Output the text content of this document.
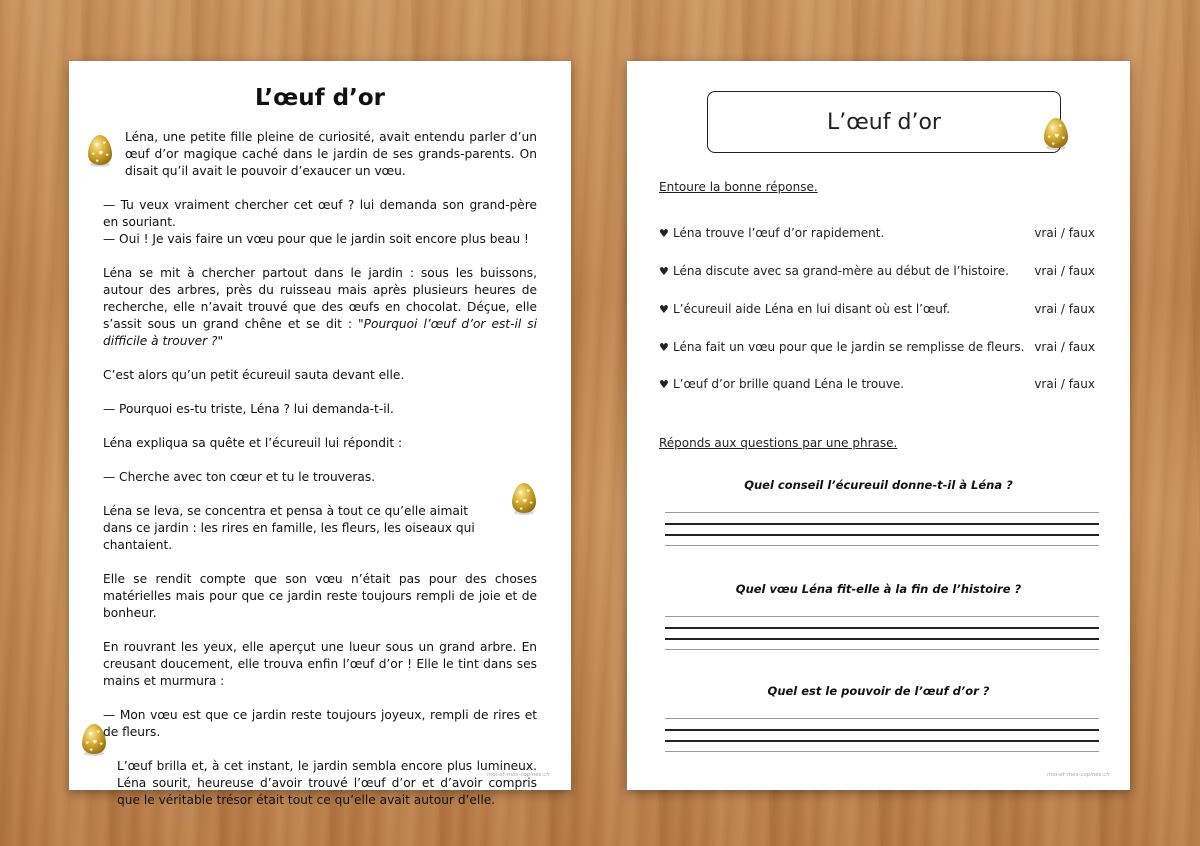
L’œuf d’or

Léna, une petite fille pleine de curiosité, avait entendu parler d’un œuf d’or magique caché dans le jardin de ses grands-parents. On disait qu’il avait le pouvoir d’exaucer un vœu.

— Tu veux vraiment chercher cet œuf ? lui demanda son grand-père en souriant.

— Oui ! Je vais faire un vœu pour que le jardin soit encore plus beau !

Léna se mit à chercher partout dans le jardin : sous les buissons, autour des arbres, près du ruisseau mais après plusieurs heures de recherche, elle n’avait trouvé que des œufs en chocolat. Déçue, elle s’assit sous un grand chêne et se dit : "Pourquoi l’œuf d’or est-il si difficile à trouver ?"

C’est alors qu’un petit écureuil sauta devant elle.

— Pourquoi es-tu triste, Léna ? lui demanda-t-il.

Léna expliqua sa quête et l’écureuil lui répondit :

— Cherche avec ton cœur et tu le trouveras.

Léna se leva, se concentra et pensa à tout ce qu’elle aimait dans ce jardin : les rires en famille, les fleurs, les oiseaux qui chantaient.

Elle se rendit compte que son vœu n’était pas pour des choses matérielles mais pour que ce jardin reste toujours rempli de joie et de bonheur.

En rouvrant les yeux, elle aperçut une lueur sous un grand arbre. En creusant doucement, elle trouva enfin l’œuf d’or ! Elle le tint dans ses mains et murmura :

— Mon vœu est que ce jardin reste toujours joyeux, rempli de rires et de fleurs.

L’œuf brilla et, à cet instant, le jardin sembla encore plus lumineux. Léna sourit, heureuse d’avoir trouvé l’œuf d’or et d’avoir compris que le véritable trésor était tout ce qu’elle avait autour d’elle.

moi-et-mes-copines.ch
L’œuf d’or
Entoure la bonne réponse.
♥ Léna trouve l’œuf d’or rapidement.	vrai / faux
♥ Léna discute avec sa grand-mère au début de l’histoire.	vrai / faux
♥ L’écureuil aide Léna en lui disant où est l’œuf.	vrai / faux
♥ Léna fait un vœu pour que le jardin se remplisse de fleurs. vrai / faux
♥ L’œuf d’or brille quand Léna le trouve.	vrai / faux
Réponds aux questions par une phrase.
Quel conseil l’écureuil donne-t-il à Léna ?
Quel vœu Léna fit-elle à la fin de l’histoire ?
Quel est le pouvoir de l’œuf d’or ?
moi-et-mes-copines.ch
